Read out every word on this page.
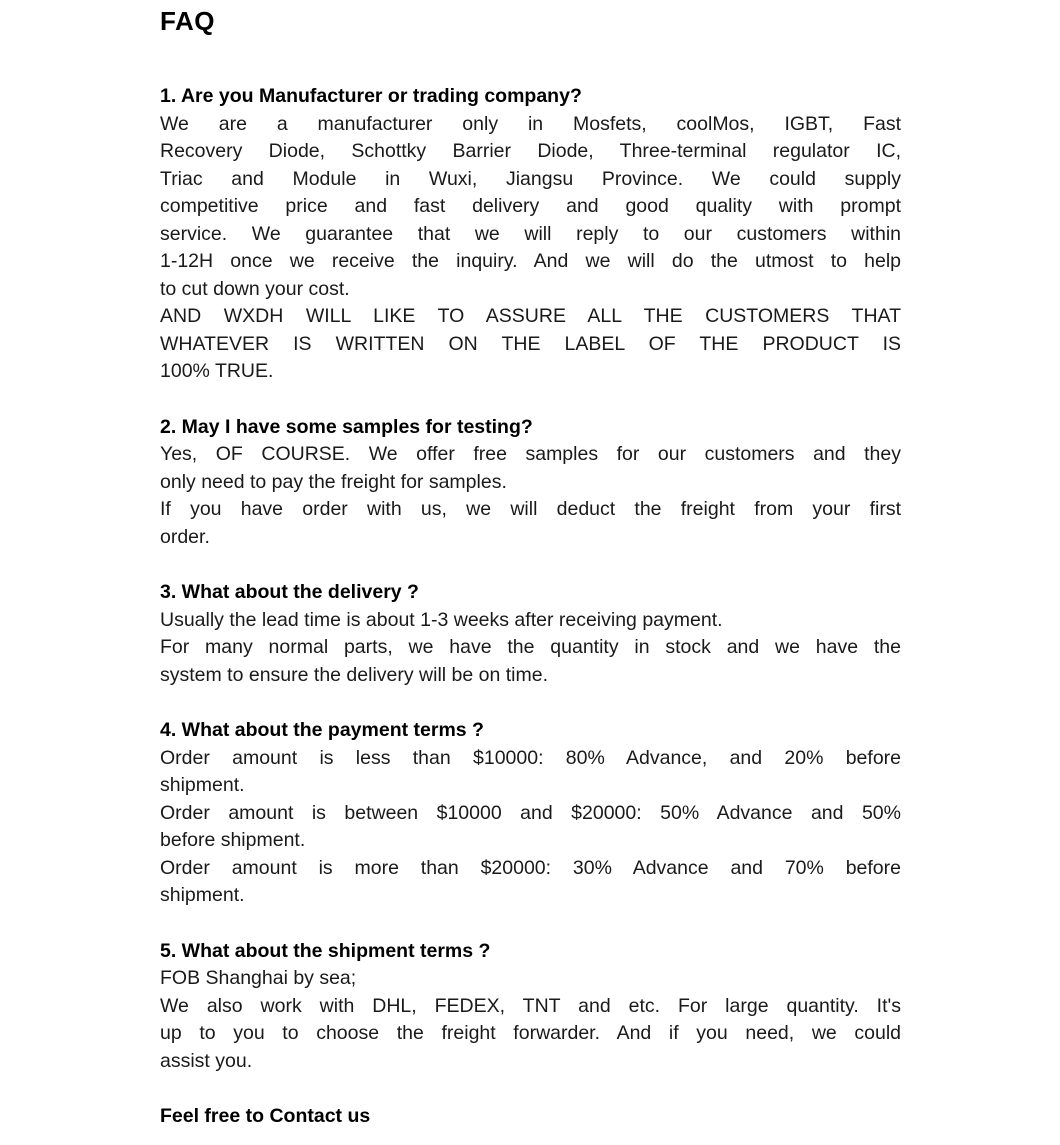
FAQ
1. Are you Manufacturer or trading company?
We are a manufacturer only in Mosfets, coolMos, IGBT, Fast
Recovery Diode, Schottky Barrier Diode, Three-terminal regulator IC,
Triac and Module in Wuxi, Jiangsu Province. We could supply
competitive price and fast delivery and good quality with prompt
service. We guarantee that we will reply to our customers within
1-12H once we receive the inquiry. And we will do the utmost to help
to cut down your cost.
AND WXDH WILL LIKE TO ASSURE ALL THE CUSTOMERS THAT
WHATEVER IS WRITTEN ON THE LABEL OF THE PRODUCT IS
100% TRUE.
2. May I have some samples for testing?
Yes, OF COURSE. We offer free samples for our customers and they
only need to pay the freight for samples.
If you have order with us, we will deduct the freight from your first
order.
3. What about the delivery ?
Usually the lead time is about 1-3 weeks after receiving payment.
For many normal parts, we have the quantity in stock and we have the
system to ensure the delivery will be on time.
4. What about the payment terms ?
Order amount is less than $10000: 80% Advance, and 20% before
shipment.
Order amount is between $10000 and $20000: 50% Advance and 50%
before shipment.
Order amount is more than $20000: 30% Advance and 70% before
shipment.
5. What about the shipment terms ?
FOB Shanghai by sea;
We also work with DHL, FEDEX, TNT and etc. For large quantity. It's
up to you to choose the freight forwarder. And if you need, we could
assist you.
Feel free to Contact us
